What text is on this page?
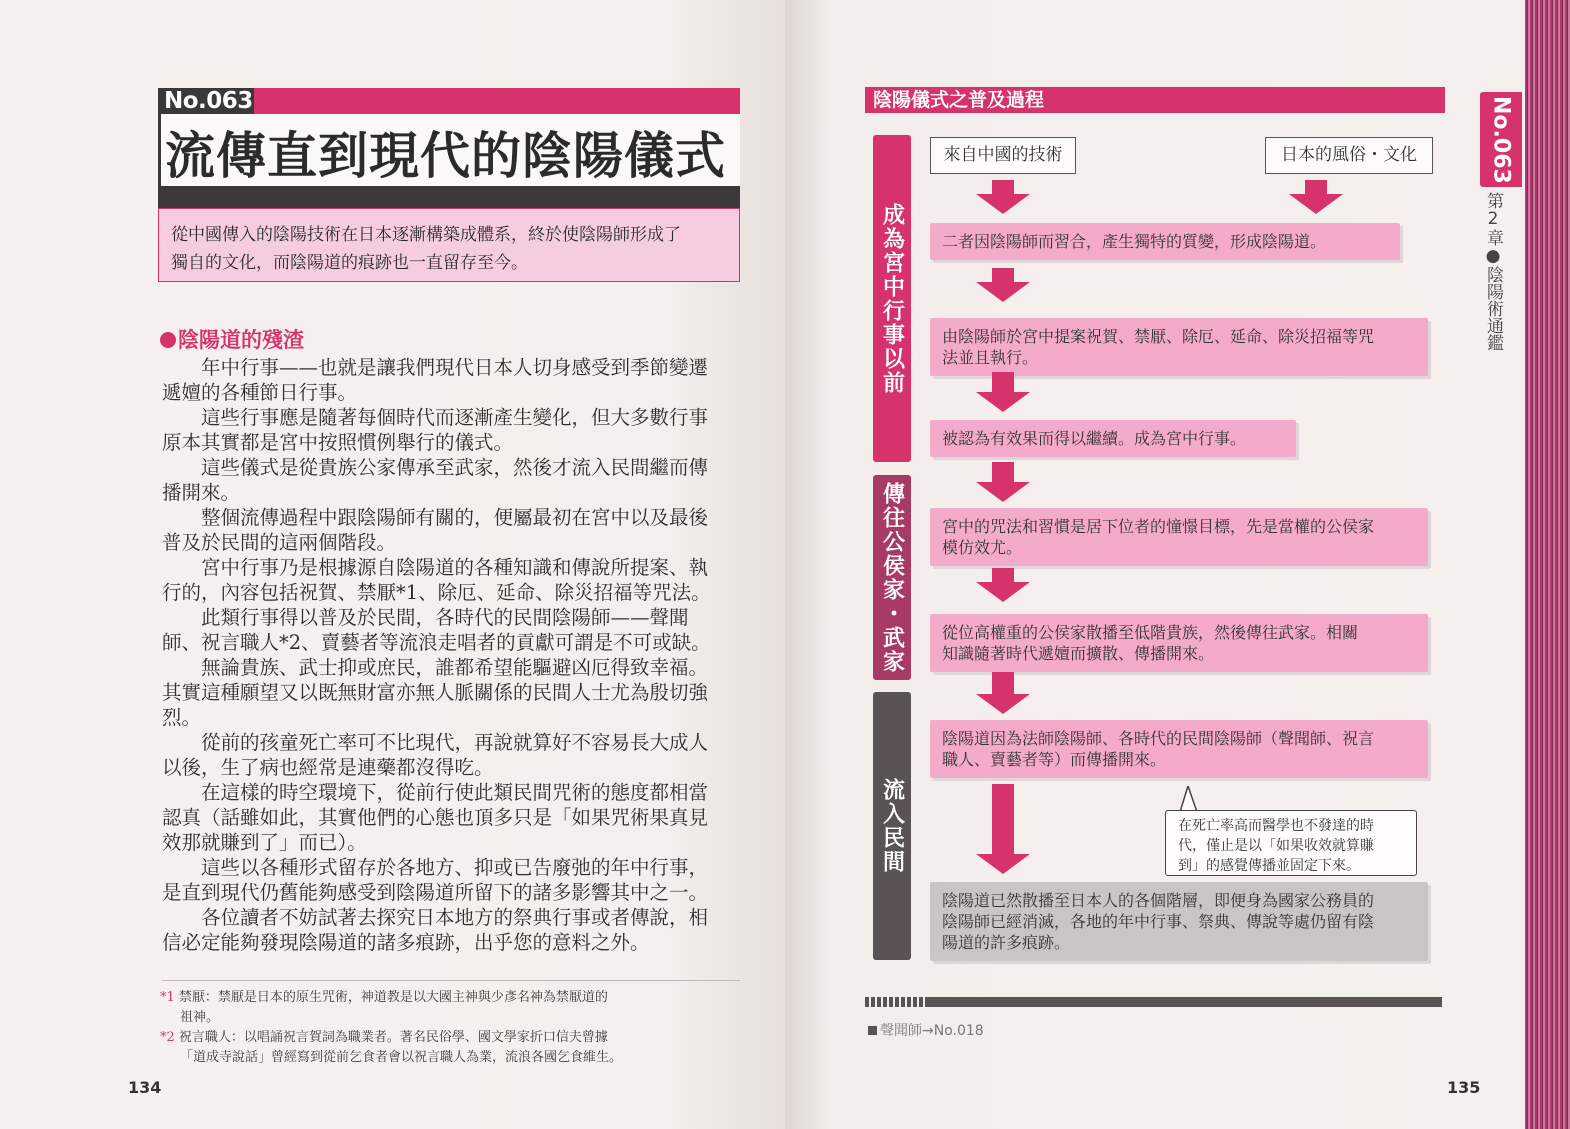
No.063
流傳直到現代的陰陽儀式
從中國傳入的陰陽技術在日本逐漸構築成體系，終於使陰陽師形成了
獨自的文化，而陰陽道的痕跡也一直留存至今。
陰陽道的殘渣

年中行事——也就是讓我們現代日本人切身感受到季節變遷
遞嬗的各種節日行事。

這些行事應是隨著每個時代而逐漸產生變化，但大多數行事
原本其實都是宮中按照慣例舉行的儀式。

這些儀式是從貴族公家傳承至武家，然後才流入民間繼而傳
播開來。

整個流傳過程中跟陰陽師有關的，便屬最初在宮中以及最後
普及於民間的這兩個階段。

宮中行事乃是根據源自陰陽道的各種知識和傳說所提案、執
行的，內容包括祝賀、禁厭*1、除厄、延命、除災招福等咒法。

此類行事得以普及於民間，各時代的民間陰陽師——聲聞
師、祝言職人*2、賣藝者等流浪走唱者的貢獻可謂是不可或缺。

無論貴族、武士抑或庶民，誰都希望能驅避凶厄得致幸福。
其實這種願望又以既無財富亦無人脈關係的民間人士尤為殷切強
烈。

從前的孩童死亡率可不比現代，再說就算好不容易長大成人
以後，生了病也經常是連藥都沒得吃。

在這樣的時空環境下，從前行使此類民間咒術的態度都相當
認真（話雖如此，其實他們的心態也頂多只是「如果咒術果真見
效那就賺到了」而已）。

這些以各種形式留存於各地方、抑或已告廢弛的年中行事，
是直到現代仍舊能夠感受到陰陽道所留下的諸多影響其中之一。

各位讀者不妨試著去探究日本地方的祭典行事或者傳說，相
信必定能夠發現陰陽道的諸多痕跡，出乎您的意料之外。

*1 禁厭：禁厭是日本的原生咒術，神道教是以大國主神與少彥名神為禁厭道的
祖神。
*2 祝言職人：以唱誦祝言賀詞為職業者。著名民俗學、國文學家折口信夫曾據
「道成寺說話」曾經寫到從前乞食者會以祝言職人為業，流浪各國乞食維生。
134
陰陽儀式之普及過程
成為宮中行事以前
傳往公侯家・武家
流入民間
來自中國的技術	日本的風俗・文化
二者因陰陽師而習合，產生獨特的質變，形成陰陽道。
由陰陽師於宮中提案祝賀、禁厭、除厄、延命、除災招福等咒
法並且執行。
被認為有效果而得以繼續。成為宮中行事。
宮中的咒法和習慣是居下位者的憧憬目標，先是當權的公侯家
模仿效尤。
從位高權重的公侯家散播至低階貴族，然後傳往武家。相關
知識隨著時代遞嬗而擴散、傳播開來。
陰陽道因為法師陰陽師、各時代的民間陰陽師（聲聞師、祝言
職人、賣藝者等）而傳播開來。
陰陽道已然散播至日本人的各個階層，即便身為國家公務員的
陰陽師已經消滅，各地的年中行事、祭典、傳說等處仍留有陰
陽道的許多痕跡。
在死亡率高而醫學也不發達的時
代，僅止是以「如果收效就算賺
到」的感覺傳播並固定下來。
聲聞師→No.018
135
No.063
第2章●陰陽術通鑑
